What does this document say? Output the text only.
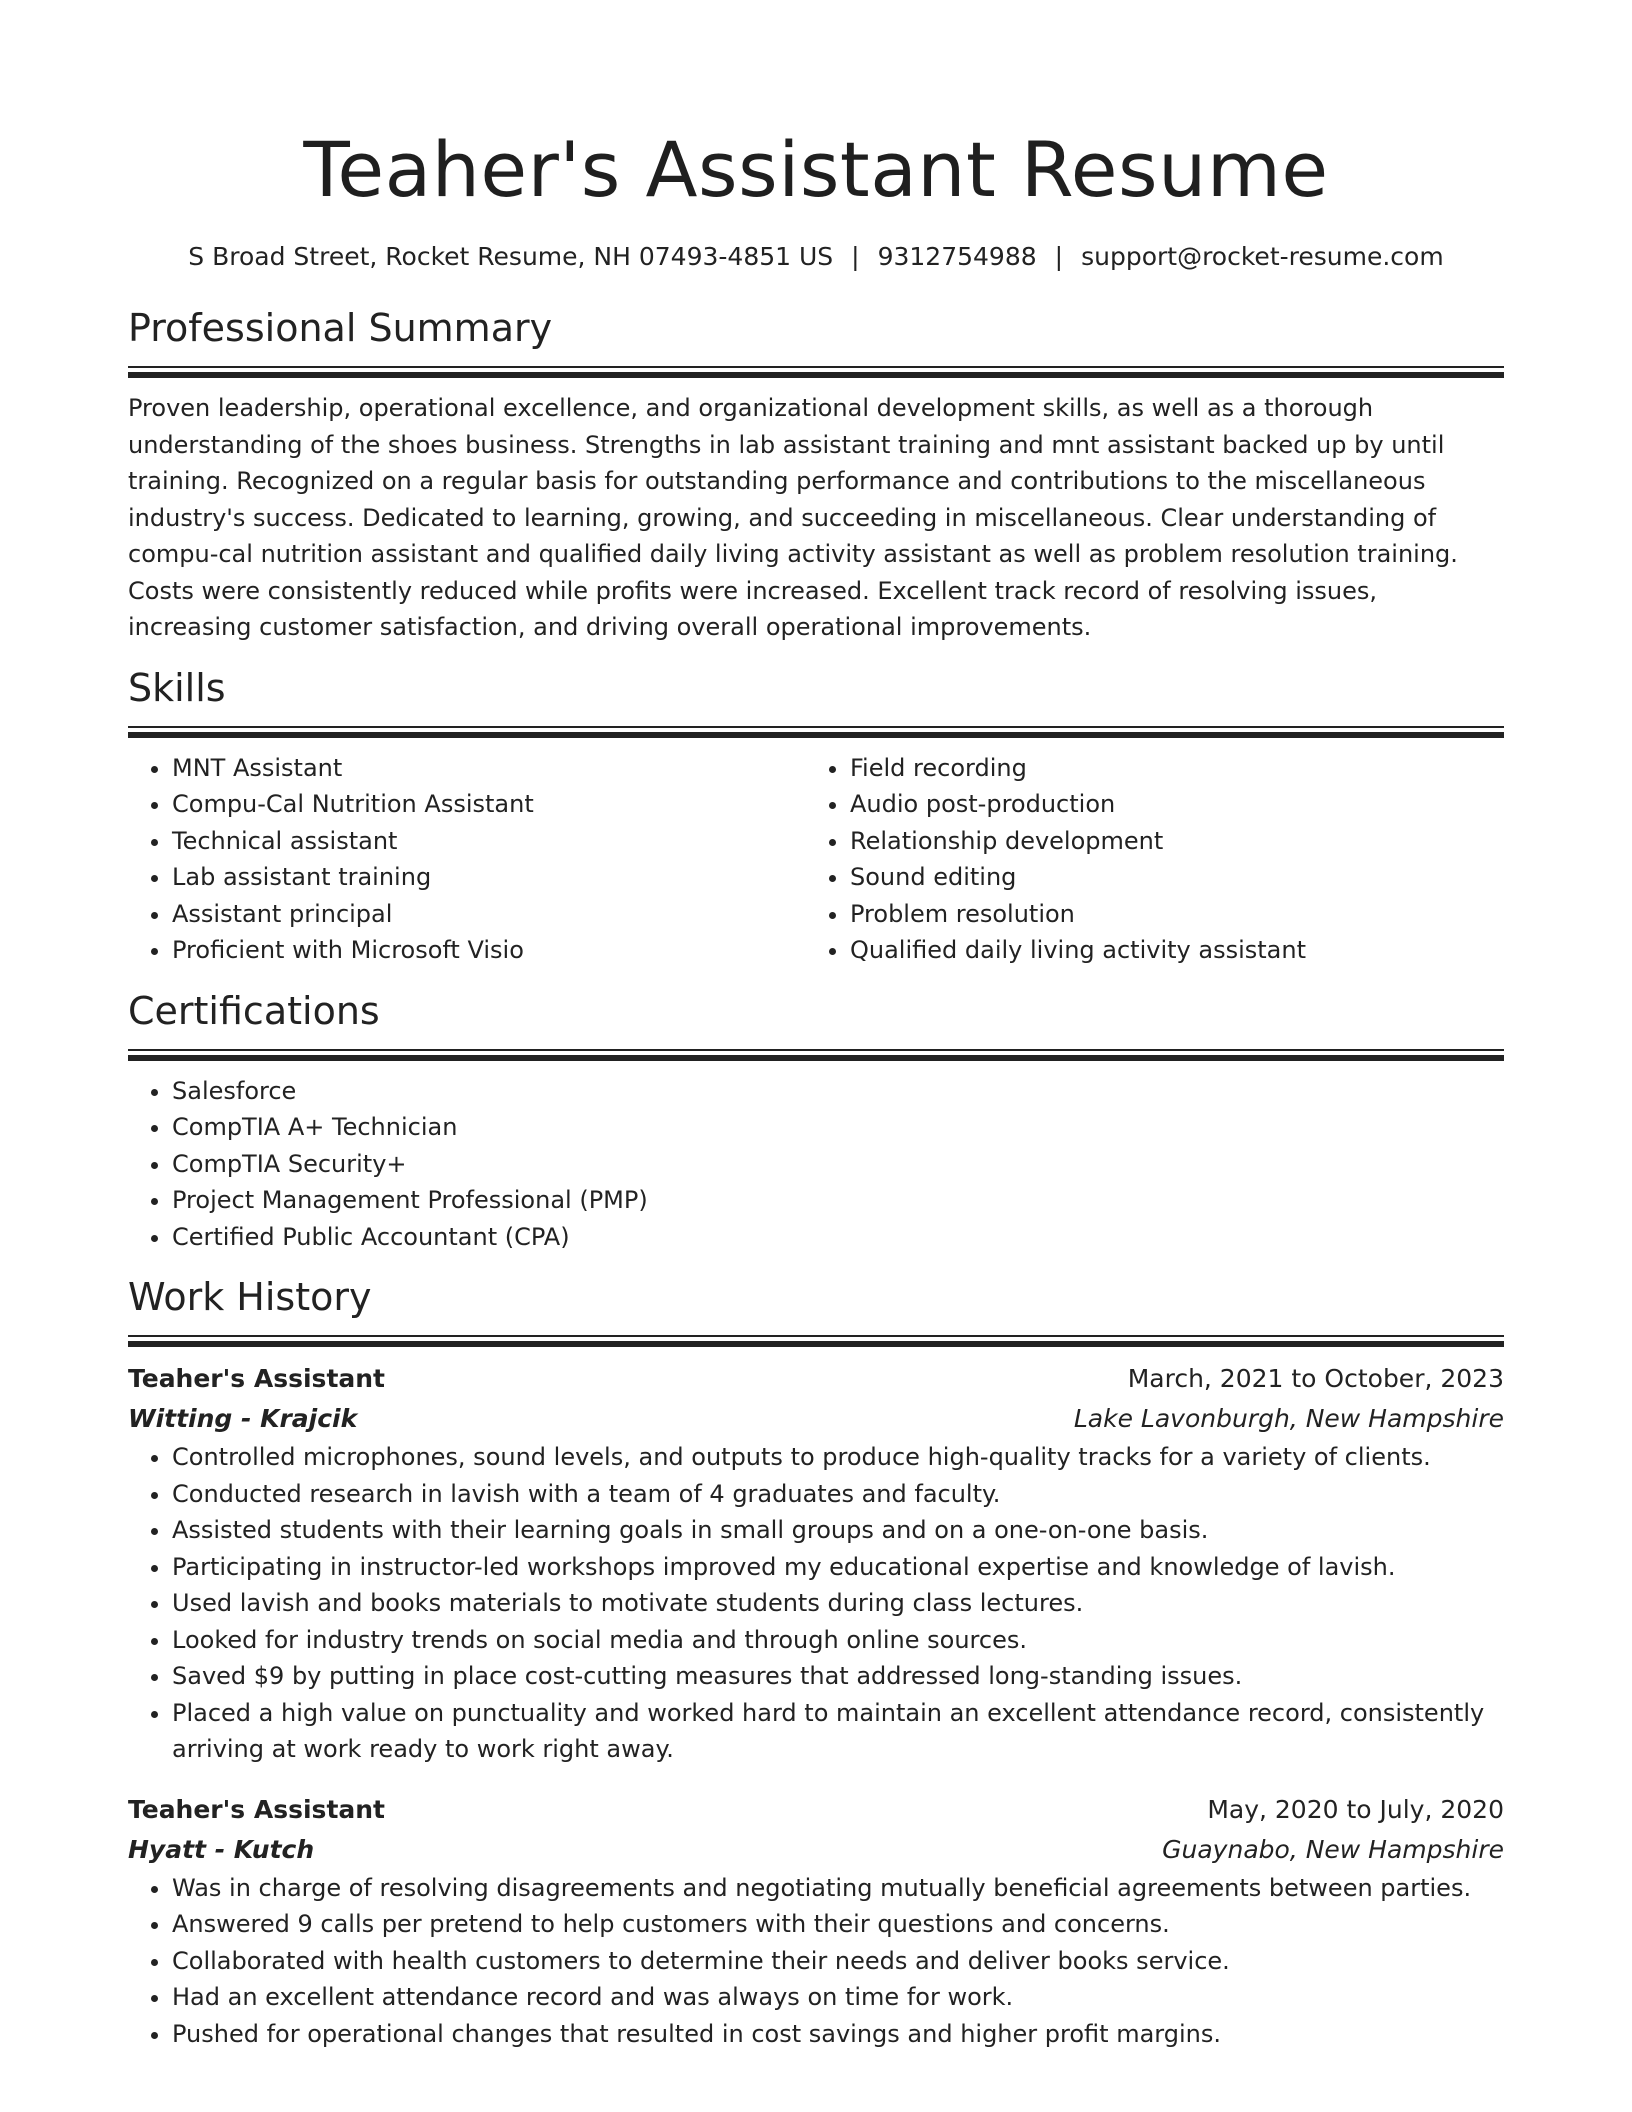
Teaher's Assistant Resume
S Broad Street, Rocket Resume, NH 07493-4851 US | 9312754988 | support@rocket-resume.com
Professional Summary

Proven leadership, operational excellence, and organizational development skills, as well as a thorough understanding of the shoes business. Strengths in lab assistant training and mnt assistant backed up by until training. Recognized on a regular basis for outstanding performance and contributions to the miscellaneous industry's success. Dedicated to learning, growing, and succeeding in miscellaneous. Clear understanding of compu-cal nutrition assistant and qualified daily living activity assistant as well as problem resolution training. Costs were consistently reduced while profits were increased. Excellent track record of resolving issues, increasing customer satisfaction, and driving overall operational improvements.

Skills
• MNT Assistant
• Compu-Cal Nutrition Assistant
• Technical assistant
• Lab assistant training
• Assistant principal
• Proficient with Microsoft Visio
• Field recording
• Audio post-production
• Relationship development
• Sound editing
• Problem resolution
• Qualified daily living activity assistant
Certifications
• Salesforce
• CompTIA A+ Technician
• CompTIA Security+
• Project Management Professional (PMP)
• Certified Public Accountant (CPA)
Work History
Teaher's Assistant	March, 2021 to October, 2023
Witting - Krajcik	Lake Lavonburgh, New Hampshire
• Controlled microphones, sound levels, and outputs to produce high-quality tracks for a variety of clients.
• Conducted research in lavish with a team of 4 graduates and faculty.
• Assisted students with their learning goals in small groups and on a one-on-one basis.
• Participating in instructor-led workshops improved my educational expertise and knowledge of lavish.
• Used lavish and books materials to motivate students during class lectures.
• Looked for industry trends on social media and through online sources.
• Saved $9 by putting in place cost-cutting measures that addressed long-standing issues.
• Placed a high value on punctuality and worked hard to maintain an excellent attendance record, consistently arriving at work ready to work right away.
Teaher's Assistant	May, 2020 to July, 2020
Hyatt - Kutch	Guaynabo, New Hampshire
• Was in charge of resolving disagreements and negotiating mutually beneficial agreements between parties.
• Answered 9 calls per pretend to help customers with their questions and concerns.
• Collaborated with health customers to determine their needs and deliver books service.
• Had an excellent attendance record and was always on time for work.
• Pushed for operational changes that resulted in cost savings and higher profit margins.
